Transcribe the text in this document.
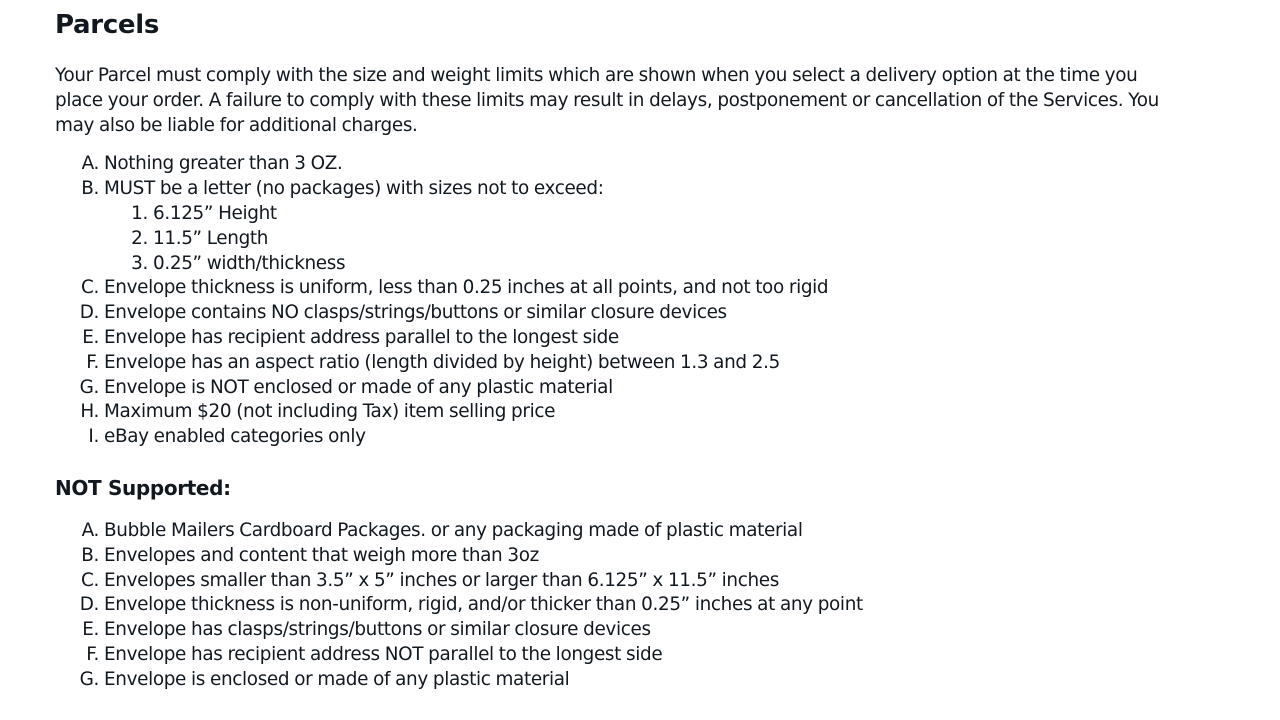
Parcels

Your Parcel must comply with the size and weight limits which are shown when you select a delivery option at the time you place your order. A failure to comply with these limits may result in delays, postponement or cancellation of the Services. You may also be liable for additional charges.

A. Nothing greater than 3 OZ.
B. MUST be a letter (no packages) with sizes not to exceed:
1. 6.125” Height
2. 11.5” Length
3. 0.25” width/thickness
C. Envelope thickness is uniform, less than 0.25 inches at all points, and not too rigid
D. Envelope contains NO clasps/strings/buttons or similar closure devices
E. Envelope has recipient address parallel to the longest side
F. Envelope has an aspect ratio (length divided by height) between 1.3 and 2.5
G. Envelope is NOT enclosed or made of any plastic material
H. Maximum $20 (not including Tax) item selling price
I. eBay enabled categories only
NOT Supported:
A. Bubble Mailers Cardboard Packages. or any packaging made of plastic material
B. Envelopes and content that weigh more than 3oz
C. Envelopes smaller than 3.5” x 5” inches or larger than 6.125” x 11.5” inches
D. Envelope thickness is non-uniform, rigid, and/or thicker than 0.25” inches at any point
E. Envelope has clasps/strings/buttons or similar closure devices
F. Envelope has recipient address NOT parallel to the longest side
G. Envelope is enclosed or made of any plastic material
